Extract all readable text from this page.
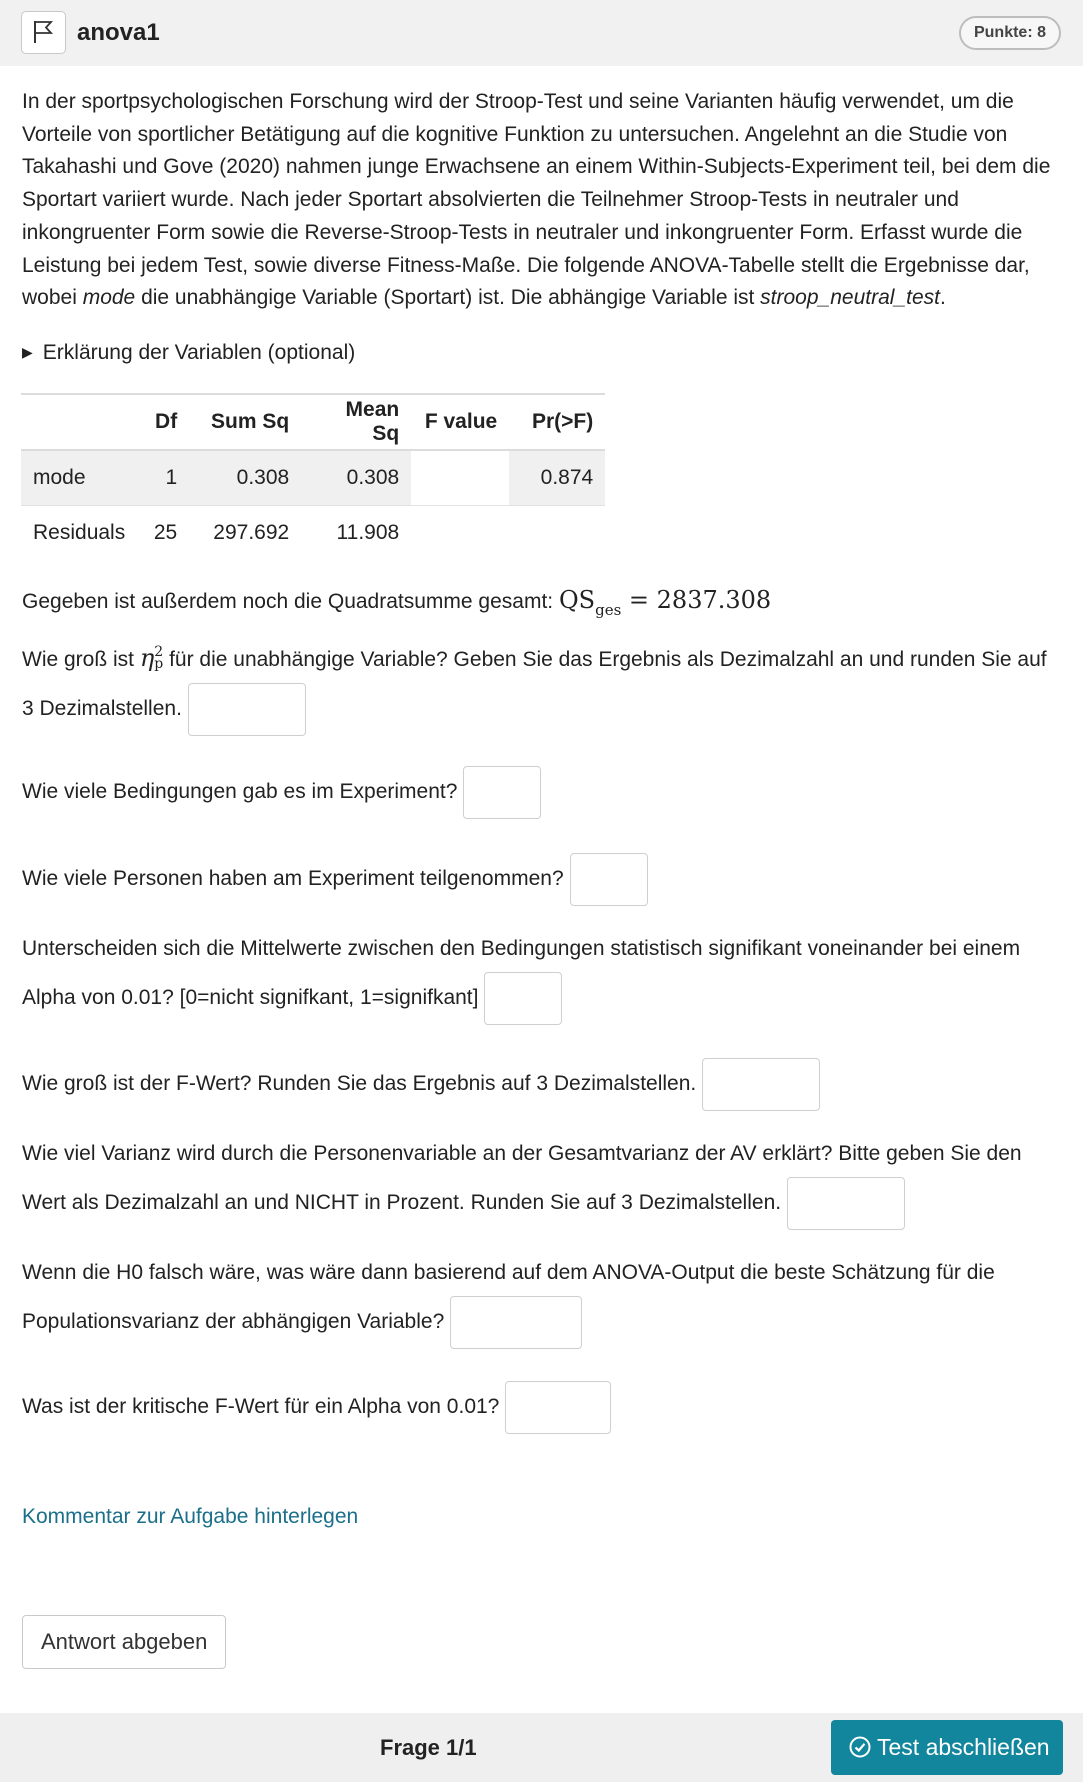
anova1	Punkte: 8

In der sportpsychologischen Forschung wird der Stroop-Test und seine Varianten häufig verwendet, um die Vorteile von sportlicher Betätigung auf die kognitive Funktion zu untersuchen. Angelehnt an die Studie von Takahashi und Gove (2020) nahmen junge Erwachsene an einem Within-Subjects-Experiment teil, bei dem die Sportart variiert wurde. Nach jeder Sportart absolvierten die Teilnehmer Stroop-Tests in neutraler und inkongruenter Form sowie die Reverse-Stroop-Tests in neutraler und inkongruenter Form. Erfasst wurde die Leistung bei jedem Test, sowie diverse Fitness-Maße. Die folgende ANOVA-Tabelle stellt die Ergebnisse dar, wobei mode die unabhängige Variable (Sportart) ist. Die abhängige Variable ist stroop_neutral_test.

▶ Erklärung der Variablen (optional)
	Df	Sum Sq	Mean Sq	F value	Pr(>F)
mode	1	0.308	0.308		0.874
Residuals	25	297.692	11.908		
Gegeben ist außerdem noch die Quadratsumme gesamt: $QS_{ges} = 2837.308$
Wie groß ist η 2
p für die unabhängige Variable? Geben Sie das Ergebnis als Dezimalzahl an und runden Sie auf 3 Dezimalstellen.
Wie viele Bedingungen gab es im Experiment?
Wie viele Personen haben am Experiment teilgenommen?
Unterscheiden sich die Mittelwerte zwischen den Bedingungen statistisch signifikant voneinander bei einem Alpha von 0.01? [0=nicht signifkant, 1=signifkant]
Wie groß ist der F-Wert? Runden Sie das Ergebnis auf 3 Dezimalstellen.
Wie viel Varianz wird durch die Personenvariable an der Gesamtvarianz der AV erklärt? Bitte geben Sie den Wert als Dezimalzahl an und NICHT in Prozent. Runden Sie auf 3 Dezimalstellen.
Wenn die H0 falsch wäre, was wäre dann basierend auf dem ANOVA-Output die beste Schätzung für die Populationsvarianz der abhängigen Variable?
Was ist der kritische F-Wert für ein Alpha von 0.01?
Kommentar zur Aufgabe hinterlegen
Antwort abgeben
Frage 1/1	Test abschließen
